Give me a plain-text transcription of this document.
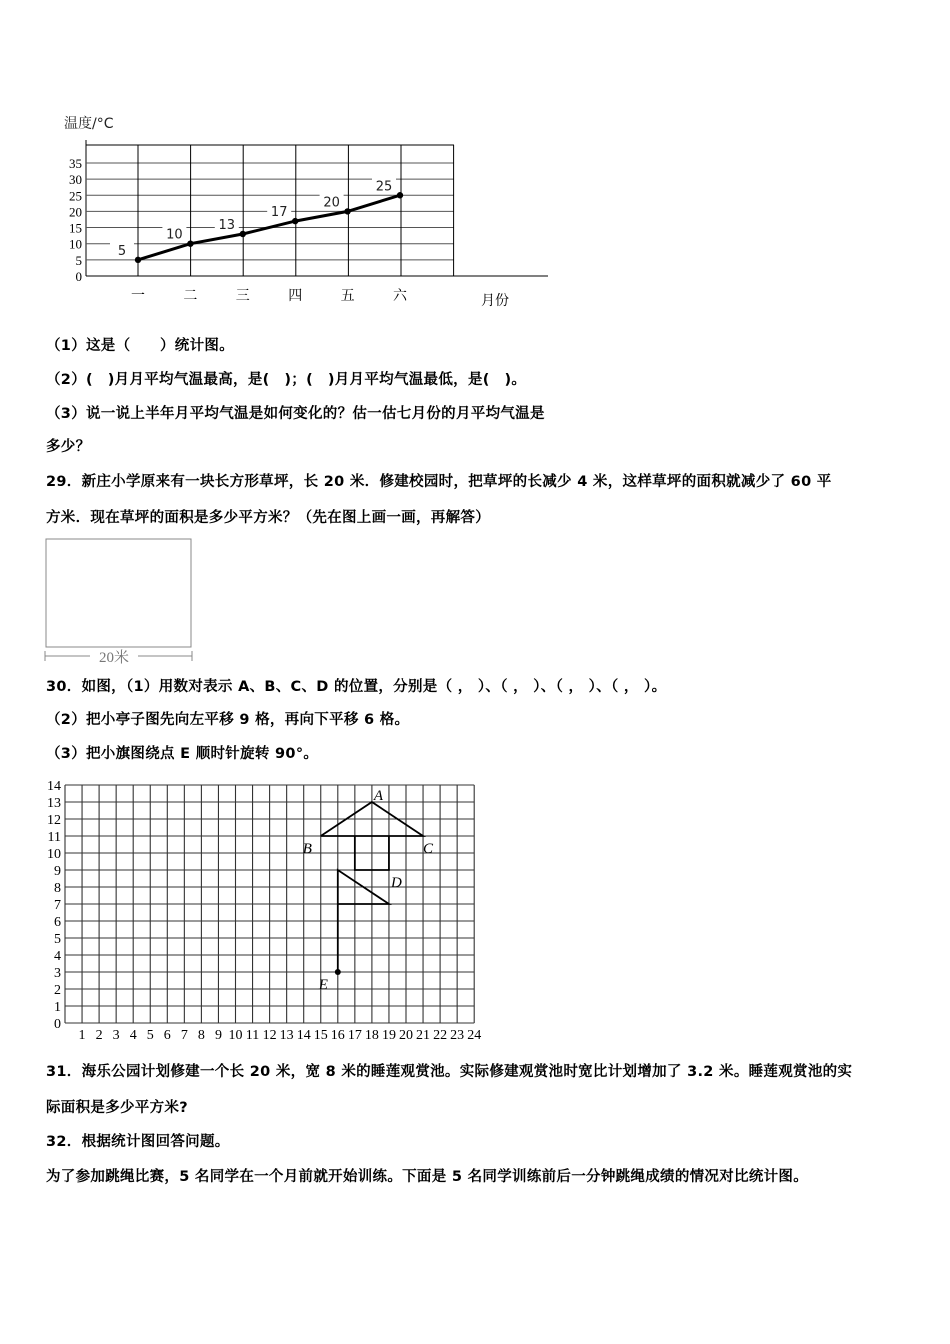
温度/°C
0
5
10
15
20
25
30
35
一	二	三	四	五	六	月份
5
10
13
17
20
25
（1）这是（　　）统计图。
（2）(　)月月平均气温最高，是(　)；(　)月月平均气温最低，是(　)。
（3）说一说上半年月平均气温是如何变化的？估一估七月份的月平均气温是
多少？
29．新庄小学原来有一块长方形草坪，长 20 米．修建校园时，把草坪的长减少 4 米，这样草坪的面积就减少了 60 平
方米．现在草坪的面积是多少平方米？（先在图上画一画，再解答）
20米
30．如图，（1）用数对表示 A、B、C、D 的位置，分别是（ ， ）、（ ， ）、（ ， ）、（ ， ）。
（2）把小亭子图先向左平移 9 格，再向下平移 6 格。
（3）把小旗图绕点 E 顺时针旋转 90°。
1 2 3 4 5 6 7 8 9 10 11 12 13 14 15 16 17 18 19 20 21 22 23 24
0
1
2
3
4
5
6
7
8
9
10
11
12
13
14
A
B	C
D
E
31．海乐公园计划修建一个长 20 米，宽 8 米的睡莲观赏池。实际修建观赏池时宽比计划增加了 3.2 米。睡莲观赏池的实
际面积是多少平方米?
32．根据统计图回答问题。
为了参加跳绳比赛，5 名同学在一个月前就开始训练。下面是 5 名同学训练前后一分钟跳绳成绩的情况对比统计图。
